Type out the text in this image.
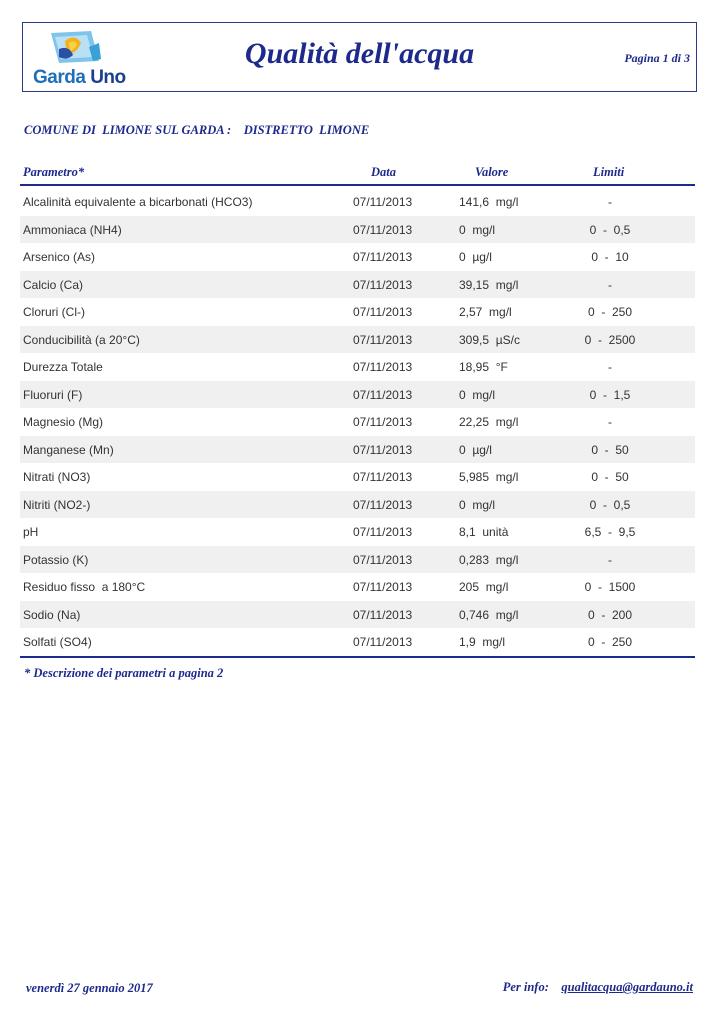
Garda Uno
Qualità dell'acqua	Pagina 1 di 3
COMUNE DI  LIMONE SUL GARDA :    DISTRETTO  LIMONE
Parametro*	Data	Valore	Limiti
Alcalinità equivalente a bicarbonati (HCO3)	07/11/2013	141,6  mg/l	-
Ammoniaca (NH4)	07/11/2013	0  mg/l	0  -  0,5
Arsenico (As)	07/11/2013	0  µg/l	0  -  10
Calcio (Ca)	07/11/2013	39,15  mg/l	-
Cloruri (Cl-)	07/11/2013	2,57  mg/l	0  -  250
Conducibilità (a 20°C)	07/11/2013	309,5  µS/c	0  -  2500
Durezza Totale	07/11/2013	18,95  °F	-
Fluoruri (F)	07/11/2013	0  mg/l	0  -  1,5
Magnesio (Mg)	07/11/2013	22,25  mg/l	-
Manganese (Mn)	07/11/2013	0  µg/l	0  -  50
Nitrati (NO3)	07/11/2013	5,985  mg/l	0  -  50
Nitriti (NO2-)	07/11/2013	0  mg/l	0  -  0,5
pH	07/11/2013	8,1  unità	6,5  -  9,5
Potassio (K)	07/11/2013	0,283  mg/l	-
Residuo fisso  a 180°C	07/11/2013	205  mg/l	0  -  1500
Sodio (Na)	07/11/2013	0,746  mg/l	0  -  200
Solfati (SO4)	07/11/2013	1,9  mg/l	0  -  250
* Descrizione dei parametri a pagina 2
venerdì 27 gennaio 2017	Per info: qualitacqua@gardauno.it
